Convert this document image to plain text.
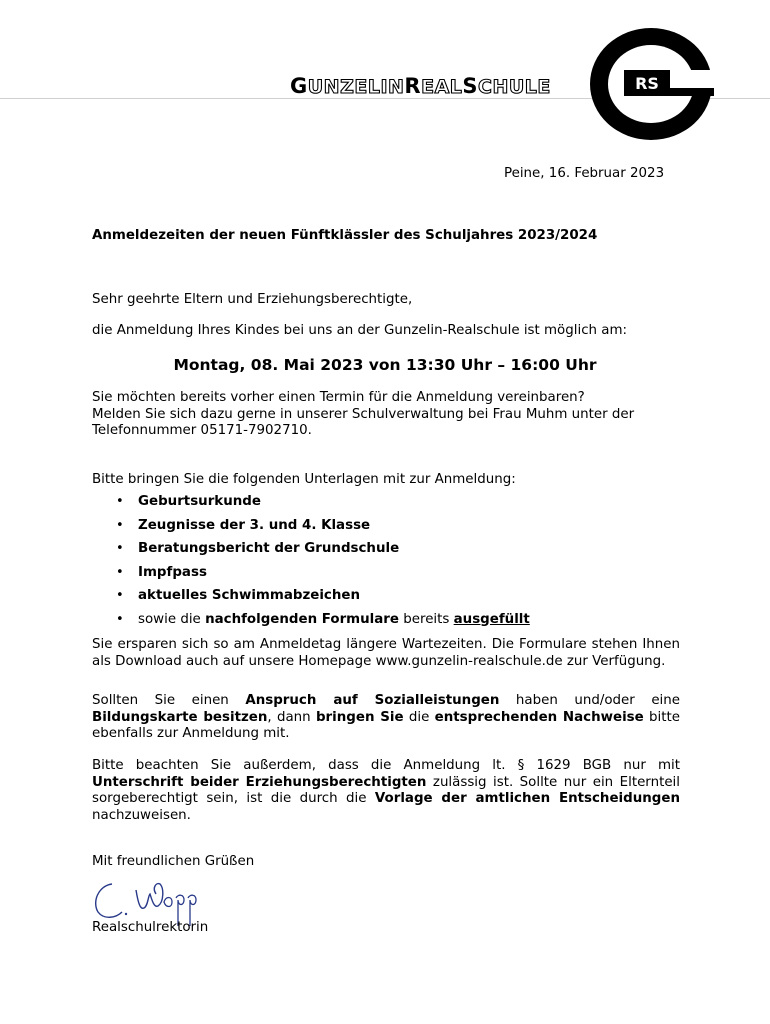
GUNZELINREALSCHULE	RS
Peine, 16. Februar 2023
Anmeldezeiten der neuen Fünftklässler des Schuljahres 2023/2024
Sehr geehrte Eltern und Erziehungsberechtigte,
die Anmeldung Ihres Kindes bei uns an der Gunzelin-Realschule ist möglich am:
Montag, 08. Mai 2023 von 13:30 Uhr – 16:00 Uhr
Sie möchten bereits vorher einen Termin für die Anmeldung vereinbaren?
Melden Sie sich dazu gerne in unserer Schulverwaltung bei Frau Muhm unter der
Telefonnummer 05171-7902710.
Bitte bringen Sie die folgenden Unterlagen mit zur Anmeldung:
• Geburtsurkunde
• Zeugnisse der 3. und 4. Klasse
• Beratungsbericht der Grundschule
• Impfpass
• aktuelles Schwimmabzeichen
• sowie die nachfolgenden Formulare bereits ausgefüllt
Sie ersparen sich so am Anmeldetag längere Wartezeiten. Die Formulare stehen Ihnen als Download auch auf unsere Homepage www.gunzelin-realschule.de zur Verfügung.
Sollten Sie einen Anspruch auf Sozialleistungen haben und/oder eine Bildungskarte besitzen, dann bringen Sie die entsprechenden Nachweise bitte ebenfalls zur Anmeldung mit.
Bitte beachten Sie außerdem, dass die Anmeldung lt. § 1629 BGB nur mit Unterschrift beider Erziehungsberechtigten zulässig ist. Sollte nur ein Elternteil sorgeberechtigt sein, ist die durch die Vorlage der amtlichen Entscheidungen nachzuweisen.
Mit freundlichen Grüßen
Realschulrektorin
